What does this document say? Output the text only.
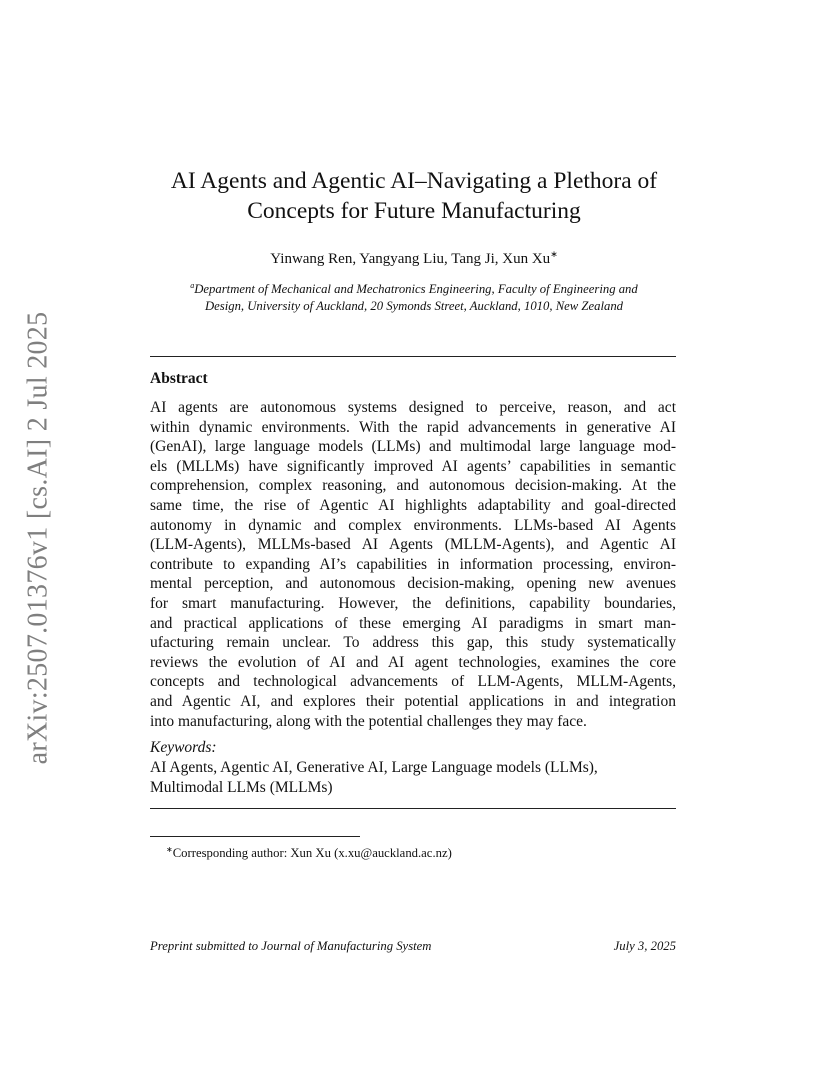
arXiv:2507.01376v1 [cs.AI] 2 Jul 2025
AI Agents and Agentic AI–Navigating a Plethora of
Concepts for Future Manufacturing
Yinwang Ren, Yangyang Liu, Tang Ji, Xun Xu∗
$^a$Department of Mechanical and Mechatronics Engineering, Faculty of Engineering and
Design, University of Auckland, 20 Symonds Street, Auckland, 1010, New Zealand
Abstract
AI agents are autonomous systems designed to perceive, reason, and act
within dynamic environments. With the rapid advancements in generative AI
(GenAI), large language models (LLMs) and multimodal large language mod-
els (MLLMs) have significantly improved AI agents’ capabilities in semantic
comprehension, complex reasoning, and autonomous decision-making. At the
same time, the rise of Agentic AI highlights adaptability and goal-directed
autonomy in dynamic and complex environments. LLMs-based AI Agents
(LLM-Agents), MLLMs-based AI Agents (MLLM-Agents), and Agentic AI
contribute to expanding AI’s capabilities in information processing, environ-
mental perception, and autonomous decision-making, opening new avenues
for smart manufacturing. However, the definitions, capability boundaries,
and practical applications of these emerging AI paradigms in smart man-
ufacturing remain unclear. To address this gap, this study systematically
reviews the evolution of AI and AI agent technologies, examines the core
concepts and technological advancements of LLM-Agents, MLLM-Agents,
and Agentic AI, and explores their potential applications in and integration
into manufacturing, along with the potential challenges they may face.
Keywords:
AI Agents, Agentic AI, Generative AI, Large Language models (LLMs),
Multimodal LLMs (MLLMs)
∗Corresponding author: Xun Xu (x.xu@auckland.ac.nz)
Preprint submitted to Journal of Manufacturing System	July 3, 2025
